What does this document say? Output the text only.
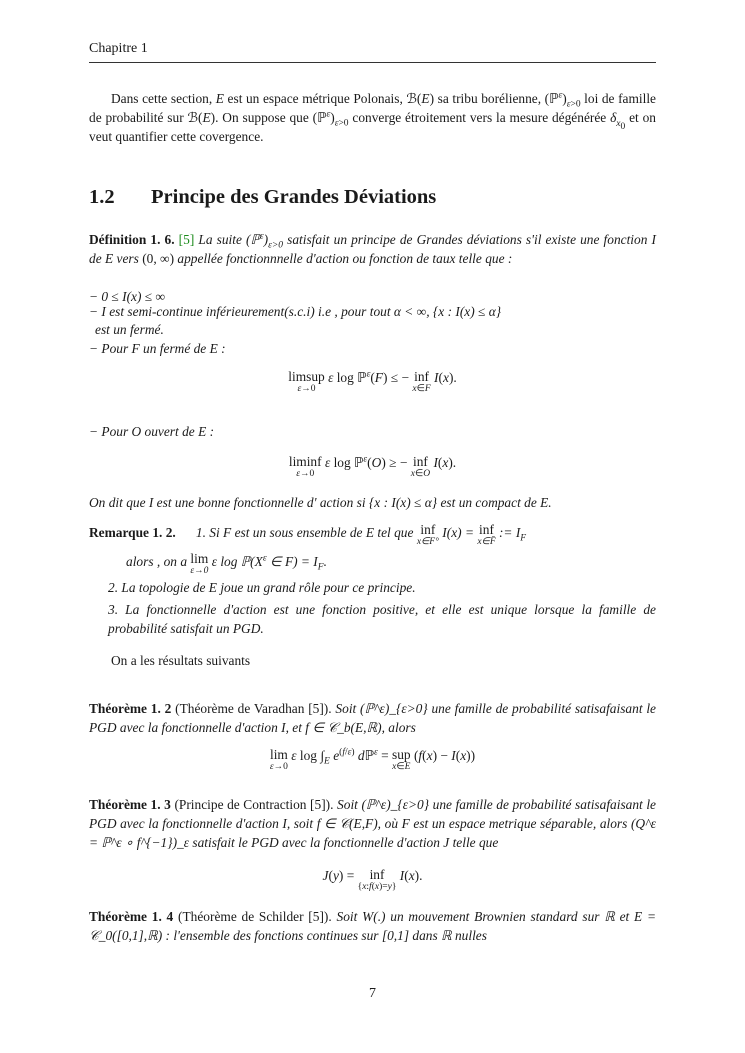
Chapitre 1
Dans cette section, E est un espace métrique Polonais, ℬ(E) sa tribu borélienne, $(ℙ^\varepsilon)_{\varepsilon>0}$ loi de famille de probabilité sur ℬ(E). On suppose que $(ℙ^\varepsilon)_{\varepsilon>0}$ converge étroitement vers la mesure dégénérée $\delta_{x_0}$ et on veut quantifier cette covergence.
1.2 Principe des Grandes Déviations
Définition 1. 6. [5] La suite $(ℙ^\varepsilon)_{\varepsilon>0}$ satisfait un principe de Grandes déviations s'il existe une fonction I de E vers (0, ∞) appellée fonctionnnelle d'action ou fonction de taux telle que :
− 0 ≤ I(x) ≤ ∞
− I est semi-continue inférieurement(s.c.i) i.e , pour tout α < ∞, {x : I(x) ≤ α}
est un fermé.
− Pour F un fermé de E :
limsup
ε→0
ε log ℙ$^\varepsilon$(F) ≤ − inf
x∈F
I(x).
− Pour O ouvert de E :
liminf
ε→0
ε log ℙ$^\varepsilon$(O) ≥ − inf
x∈O
I(x).
On dit que I est une bonne fonctionnelle d' action si {x : I(x) ≤ α} est un compact de E.
Remarque 1. 2. 1. Si F est un sous ensemble de E tel que inf
x∈F°
I(x) = inf
x∈F̄
:= $I_F$
alors , on a lim
ε→0
ε $\log ℙ(X^\varepsilon$ ∈ $F) = I_F$.
2. La topologie de E joue un grand rôle pour ce principe.
3. La fonctionnelle d'action est une fonction positive, et elle est unique lorsque la famille de probabilité satisfait un PGD.
On a les résultats suivants
Théorème 1. 2 (Théorème de Varadhan [5]). Soit (ℙ^ε)_{ε>0} une famille de probabilité satisafaisant le PGD avec la fonctionnelle d'action I, et f ∈ 𝒞_b(E,ℝ), alors
lim
ε→0
ε $\log \int_E$ $e^{(f/\varepsilon)}$ dℙ$^\varepsilon$ = sup
x∈E
(f(x) − I(x))
Théorème 1. 3 (Principe de Contraction [5]). Soit (ℙ^ε)_{ε>0} une famille de probabilité satisafaisant le PGD avec la fonctionnelle d'action I, soit f ∈ 𝒞(E,F), où F est un espace metrique séparable, alors (Q^ε = ℙ^ε ∘ f^{−1})_ε satisfait le PGD avec la fonctionnelle d'action J telle que
J(y) = inf
{x:f(x)=y}
I(x).
Théorème 1. 4 (Théorème de Schilder [5]). Soit W(.) un mouvement Brownien standard sur ℝ et E = 𝒞_0([0,1],ℝ) : l'ensemble des fonctions continues sur [0,1] dans ℝ nulles
7
